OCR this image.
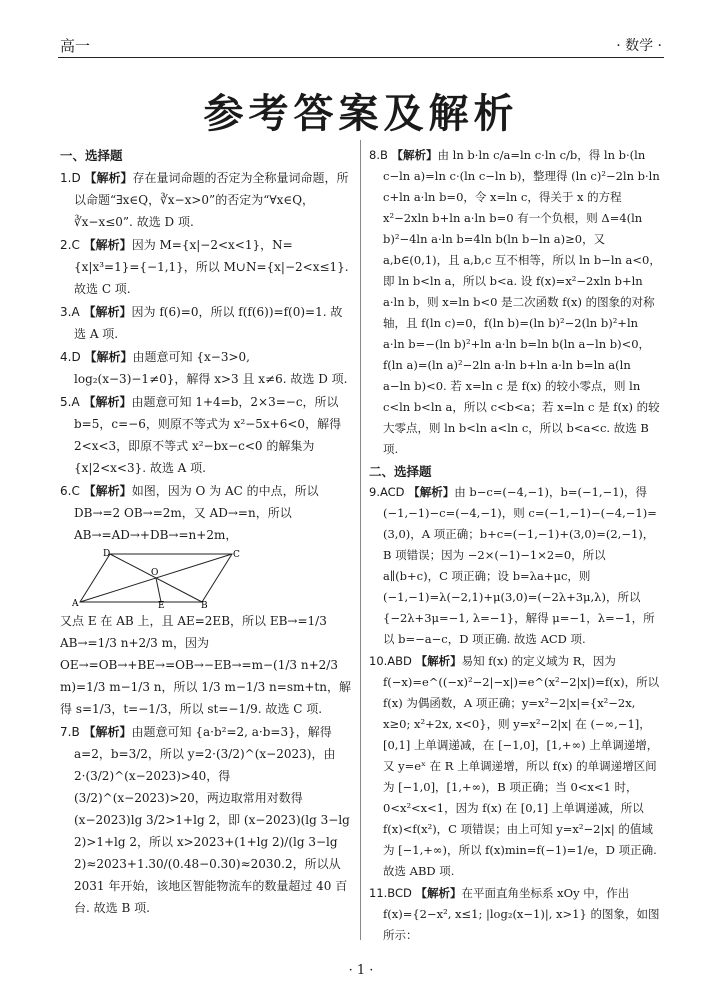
高一	· 数学 ·
参考答案及解析
一、选择题
1.D 【解析】存在量词命题的否定为全称量词命题，所以命题“∃x∈Q，∛x−x>0”的否定为“∀x∈Q，∛x−x≤0”. 故选 D 项.
2.C 【解析】因为 M={x|−2<x<1}，N={x|x³=1}={−1,1}，所以 M∪N={x|−2<x≤1}. 故选 C 项.
3.A 【解析】因为 f(6)=0，所以 f(f(6))=f(0)=1. 故选 A 项.
4.D 【解析】由题意可知 {x−3>0, log₂(x−3)−1≠0}，解得 x>3 且 x≠6. 故选 D 项.
5.A 【解析】由题意可知 1+4=b，2×3=−c，所以 b=5，c=−6，则原不等式为 x²−5x+6<0，解得 2<x<3，即原不等式 x²−bx−c<0 的解集为 {x|2<x<3}. 故选 A 项.
6.C 【解析】如图，因为 O 为 AC 的中点，所以 DB→=2 OB→=2m，又 AD→=n，所以 AB→=AD→+DB→=n+2m，
A	B
C
D
E
O
又点 E 在 AB 上，且 AE=2EB，所以 EB→=1/3 AB→=1/3 n+2/3 m，因为 OE→=OB→+BE→=OB→−EB→=m−(1/3 n+2/3 m)=1/3 m−1/3 n，所以 1/3 m−1/3 n=sm+tn，解得 s=1/3，t=−1/3，所以 st=−1/9. 故选 C 项.
7.B 【解析】由题意可知 {a·b²=2, a·b=3}，解得 a=2，b=3/2，所以 y=2·(3/2)^(x−2023)，由 2·(3/2)^(x−2023)>40，得 (3/2)^(x−2023)>20，两边取常用对数得 (x−2023)lg 3/2>1+lg 2，即 (x−2023)(lg 3−lg 2)>1+lg 2，所以 x>2023+(1+lg 2)/(lg 3−lg 2)≈2023+1.30/(0.48−0.30)≈2030.2，所以从 2031 年开始，该地区智能物流车的数量超过 40 百台. 故选 B 项.
8.B 【解析】由 ln b·ln c/a=ln c·ln c/b，得 ln b·(ln c−ln a)=ln c·(ln c−ln b)，整理得 (ln c)²−2ln b·ln c+ln a·ln b=0，令 x=ln c，得关于 x 的方程 x²−2xln b+ln a·ln b=0 有一个负根，则 Δ=4(ln b)²−4ln a·ln b=4ln b(ln b−ln a)≥0，又 a,b∈(0,1)，且 a,b,c 互不相等，所以 ln b−ln a<0，即 ln b<ln a，所以 b<a. 设 f(x)=x²−2xln b+ln a·ln b，则 x=ln b<0 是二次函数 f(x) 的图象的对称轴，且 f(ln c)=0，f(ln b)=(ln b)²−2(ln b)²+ln a·ln b=−(ln b)²+ln a·ln b=ln b(ln a−ln b)<0，f(ln a)=(ln a)²−2ln a·ln b+ln a·ln b=ln a(ln a−ln b)<0. 若 x=ln c 是 f(x) 的较小零点，则 ln c<ln b<ln a，所以 c<b<a；若 x=ln c 是 f(x) 的较大零点，则 ln b<ln a<ln c，所以 b<a<c. 故选 B 项.
二、选择题
9.ACD 【解析】由 b−c=(−4,−1)，b=(−1,−1)，得 (−1,−1)−c=(−4,−1)，则 c=(−1,−1)−(−4,−1)=(3,0)，A 项正确；b+c=(−1,−1)+(3,0)=(2,−1)，B 项错误；因为 −2×(−1)−1×2=0，所以 a∥(b+c)，C 项正确；设 b=λa+μc，则 (−1,−1)=λ(−2,1)+μ(3,0)=(−2λ+3μ,λ)，所以 {−2λ+3μ=−1, λ=−1}，解得 μ=−1，λ=−1，所以 b=−a−c，D 项正确. 故选 ACD 项.
10.ABD 【解析】易知 f(x) 的定义域为 R，因为 f(−x)=e^((−x)²−2|−x|)=e^(x²−2|x|)=f(x)，所以 f(x) 为偶函数，A 项正确；y=x²−2|x|={x²−2x, x≥0; x²+2x, x<0}，则 y=x²−2|x| 在 (−∞,−1]，[0,1] 上单调递减，在 [−1,0]，[1,+∞) 上单调递增，又 y=eˣ 在 R 上单调递增，所以 f(x) 的单调递增区间为 [−1,0]，[1,+∞)，B 项正确；当 0<x<1 时，0<x²<x<1，因为 f(x) 在 [0,1] 上单调递减，所以 f(x)<f(x²)，C 项错误；由上可知 y=x²−2|x| 的值域为 [−1,+∞)，所以 f(x)min=f(−1)=1/e，D 项正确. 故选 ABD 项.
11.BCD 【解析】在平面直角坐标系 xOy 中，作出 f(x)={2−x², x≤1; |log₂(x−1)|, x>1} 的图象，如图所示：
· 1 ·
